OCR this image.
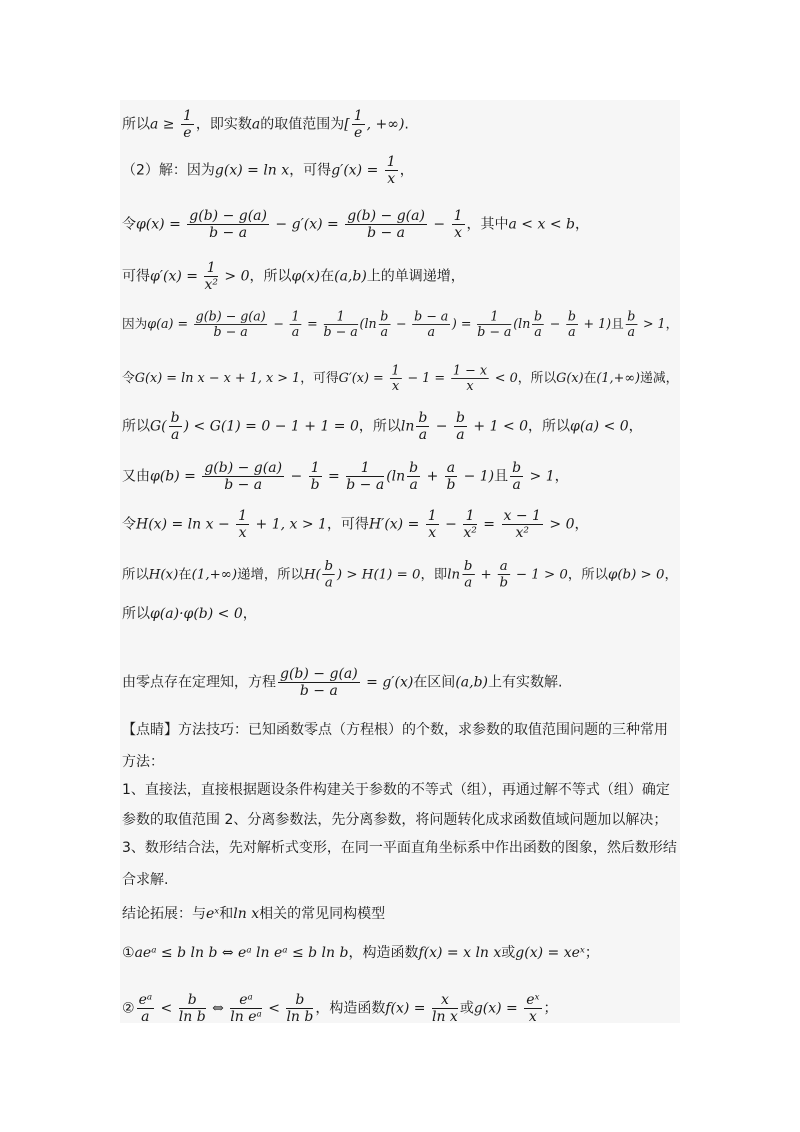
所以$a \ge \frac{1}{e}$ ，即实数a的取值范围为[ $\frac{1}{e}$ , +∞).
（2）解：因为g(x) = ln x，可得$g'(x) = \frac{1}{x}$ ，
令$\varphi(x) = \frac{g(b) - g(a)}{b - a} - g'(x) = \frac{g(b) - g(a)}{b - a} - \frac{1}{x}$ ，其中a < x < b，
可得$\varphi'(x) = \frac{1}{\text{x²}} > 0$，所以φ(x)在(a,b)上的单调递增，
因为$\varphi(a) = \frac{g(b) - g(a)}{b - a} - \frac{1}{a} = \frac{1}{b - a} (\ln \frac{b}{a} - \frac{b - a}{a}$ ) = $\frac{1}{b - a} (\ln \frac{b}{a} - \frac{b}{a} + 1)$且 $\frac{b}{a} > 1$，
令G(x) = ln x − x + 1, x > 1，可得$G'(x) = \frac{1}{x} - 1 = \frac{1 - x}{x} < 0$，所以G(x)在(1,+∞)递减，
所以$G( \frac{b}{a}$ ) < G(1) = 0 − 1 + 1 = 0，所以$\ln \frac{b}{a} - \frac{b}{a} + 1 < 0$，所以φ(a) < 0，
又由$\varphi(b) = \frac{g(b) - g(a)}{b - a} - \frac{1}{b} = \frac{1}{b - a} (\ln \frac{b}{a} + \frac{a}{b} - 1)$且 $\frac{b}{a} > 1$，
令$H(x) = \ln x - \frac{1}{x} + 1$, x > 1，可得$H'(x) = \frac{1}{x} - \frac{1}{\text{x²}} = \frac{x - 1}{\text{x²}} > 0$，
所以H(x)在(1,+∞)递增，所以$H( \frac{b}{a}$ ) > H(1) = 0，即$\ln \frac{b}{a} + \frac{a}{b} - 1 > 0$，所以φ(b) > 0，
所以φ(a)·φ(b) < 0，
由零点存在定理知，方程 $\frac{g(b) - g(a)}{b - a} = g'(x)$在区间(a,b)上有实数解.
【点睛】方法技巧：已知函数零点（方程根）的个数，求参数的取值范围问题的三种常用
方法：
1、直接法，直接根据题设条件构建关于参数的不等式（组），再通过解不等式（组）确定
参数的取值范围 2、分离参数法，先分离参数，将问题转化成求函数值域问题加以解决；
3、数形结合法，先对解析式变形，在同一平面直角坐标系中作出函数的图象，然后数形结
合求解.
结论拓展：与eˣ和ln x相关的常见同构模型
①aeᵃ ≤ b ln b ⇔ eᵃ ln eᵃ ≤ b ln b，构造函数f(x) = x ln x或g(x) = xeˣ；
② $\frac{\text{eᵃ}}{a} < \frac{b}{\text{ln b}}$ ⇔ $\frac{\text{eᵃ}}{\text{ln eᵃ}} < \frac{b}{\text{ln b}}$ ，构造函数$f(x) = \frac{x}{\text{ln x}}$ 或$g(x) = \frac{\text{eˣ}}{x}$ ；
